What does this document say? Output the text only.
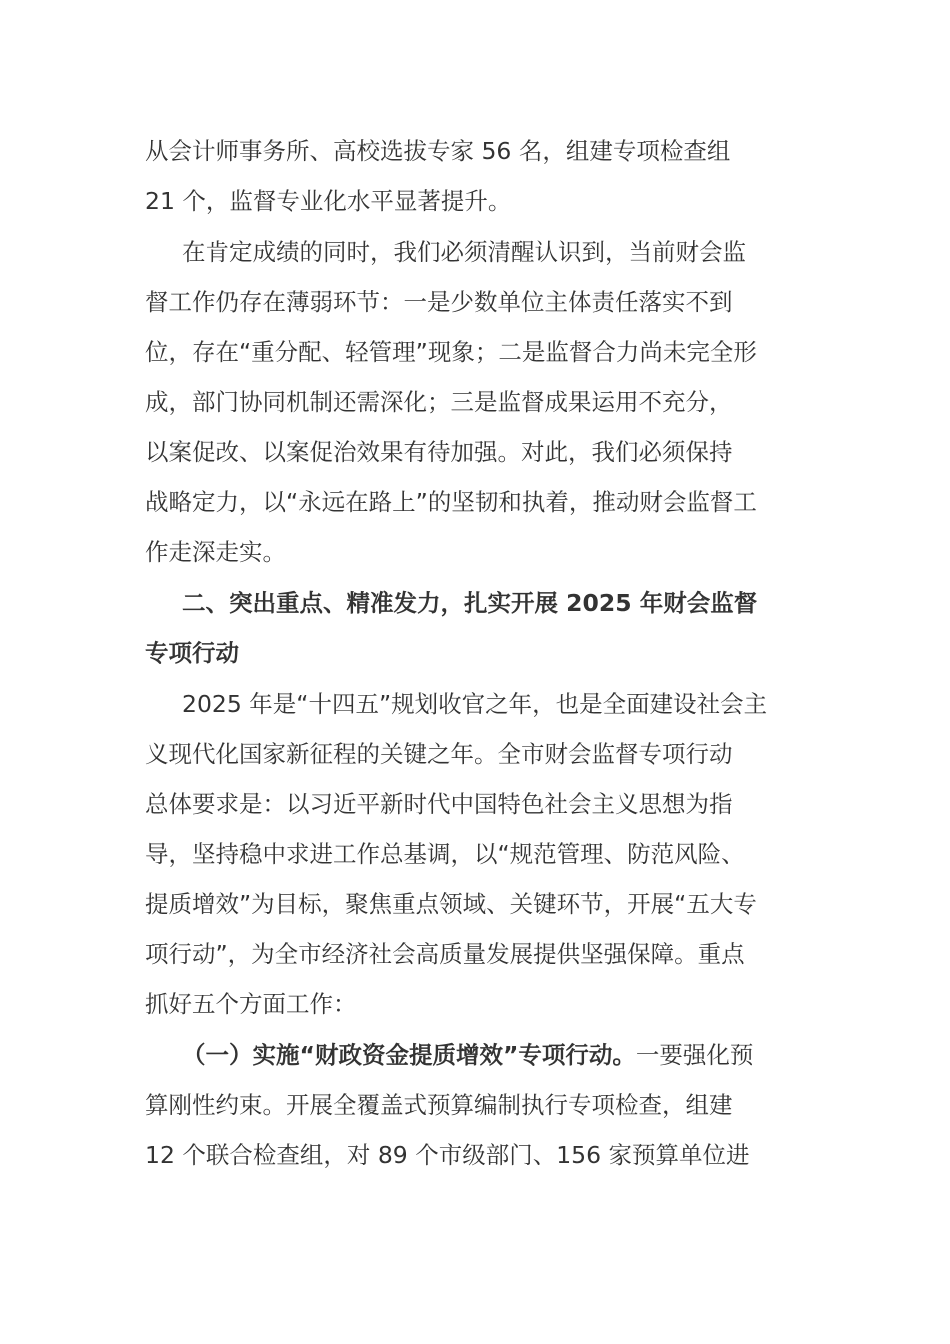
从会计师事务所、高校选拔专家 56 名，组建专项检查组
21 个，监督专业化水平显著提升。
在肯定成绩的同时，我们必须清醒认识到，当前财会监
督工作仍存在薄弱环节：一是少数单位主体责任落实不到
位，存在“重分配、轻管理”现象；二是监督合力尚未完全形
成，部门协同机制还需深化；三是监督成果运用不充分，
以案促改、以案促治效果有待加强。对此，我们必须保持
战略定力，以“永远在路上”的坚韧和执着，推动财会监督工
作走深走实。
二、突出重点、精准发力，扎实开展 2025 年财会监督
专项行动
2025 年是“十四五”规划收官之年，也是全面建设社会主
义现代化国家新征程的关键之年。全市财会监督专项行动
总体要求是：以习近平新时代中国特色社会主义思想为指
导，坚持稳中求进工作总基调，以“规范管理、防范风险、
提质增效”为目标，聚焦重点领域、关键环节，开展“五大专
项行动”，为全市经济社会高质量发展提供坚强保障。重点
抓好五个方面工作：
（一）实施“财政资金提质增效”专项行动。一要强化预
算刚性约束。开展全覆盖式预算编制执行专项检查，组建
12 个联合检查组，对 89 个市级部门、156 家预算单位进
